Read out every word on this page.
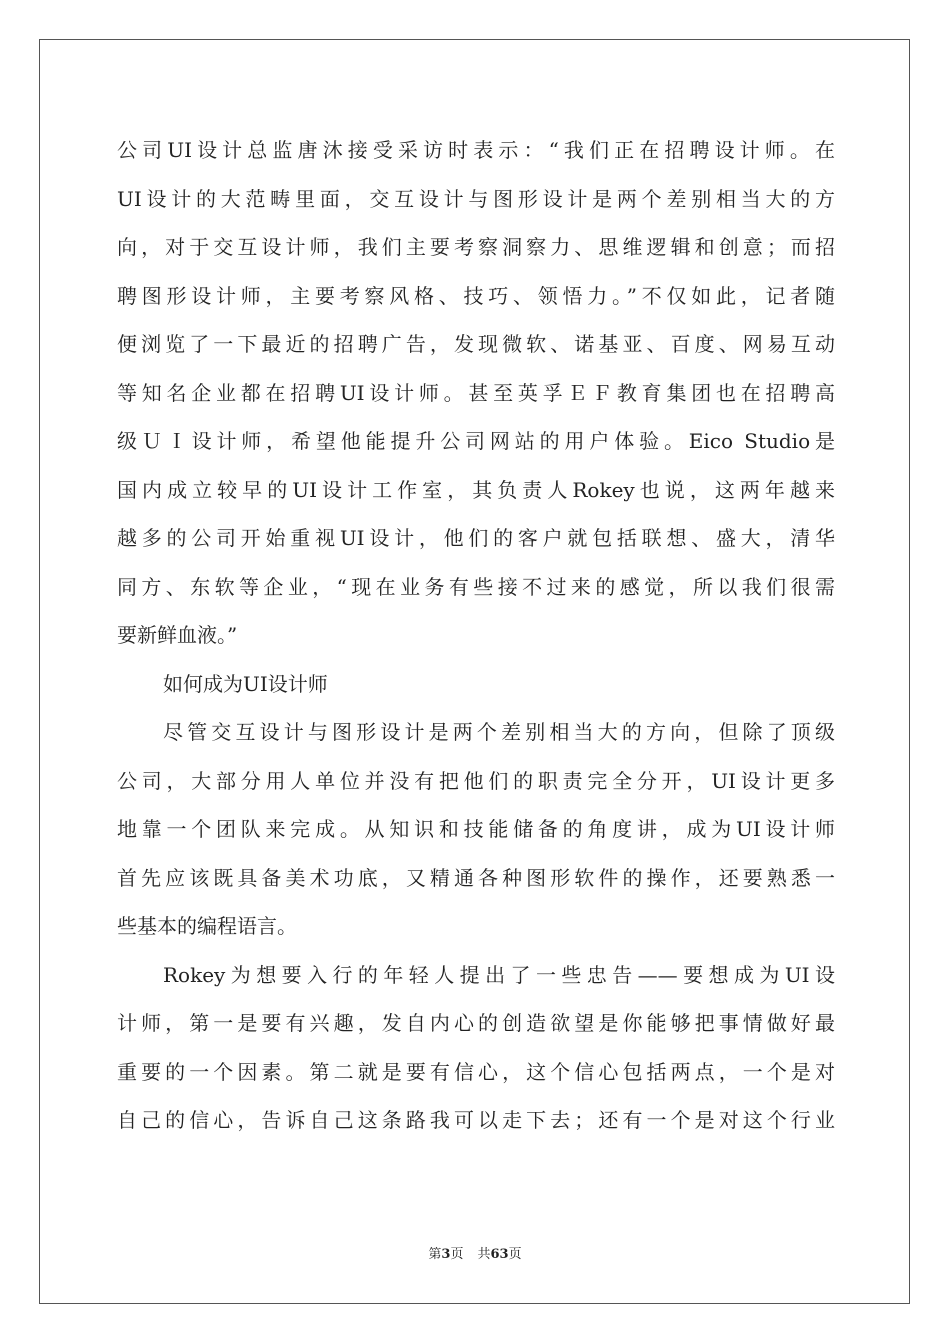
公司UI设计总监唐沐接受采访时表示：“我们正在招聘设计师。在
UI设计的大范畴里面，交互设计与图形设计是两个差别相当大的方
向，对于交互设计师，我们主要考察洞察力、思维逻辑和创意；而招
聘图形设计师，主要考察风格、技巧、领悟力。”不仅如此，记者随
便浏览了一下最近的招聘广告，发现微软、诺基亚、百度、网易互动
等知名企业都在招聘UI设计师。甚至英孚ＥＦ教育集团也在招聘高
级ＵＩ设计师，希望他能提升公司网站的用户体验。Eico Studio是
国内成立较早的UI设计工作室，其负责人Rokey也说，这两年越来
越多的公司开始重视UI设计，他们的客户就包括联想、盛大，清华
同方、东软等企业，“现在业务有些接不过来的感觉，所以我们很需
要新鲜血液。”
如何成为UI设计师
尽管交互设计与图形设计是两个差别相当大的方向，但除了顶级
公司，大部分用人单位并没有把他们的职责完全分开，UI设计更多
地靠一个团队来完成。从知识和技能储备的角度讲，成为UI设计师
首先应该既具备美术功底，又精通各种图形软件的操作，还要熟悉一
些基本的编程语言。
Rokey为想要入行的年轻人提出了一些忠告——要想成为UI设
计师，第一是要有兴趣，发自内心的创造欲望是你能够把事情做好最
重要的一个因素。第二就是要有信心，这个信心包括两点，一个是对
自己的信心，告诉自己这条路我可以走下去；还有一个是对这个行业
第3页 共63页
